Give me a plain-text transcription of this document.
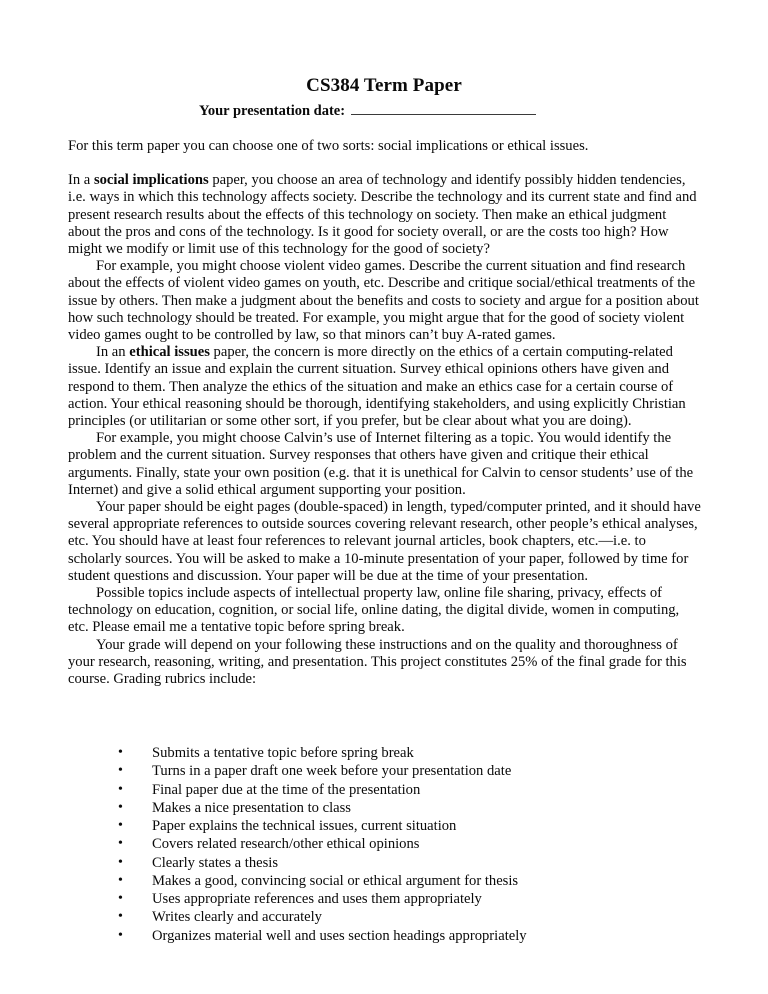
CS384 Term Paper
Your presentation date:

For this term paper you can choose one of two sorts: social implications or ethical issues.

In a social implications paper, you choose an area of technology and identify possibly hidden tendencies, i.e. ways in which this technology affects society. Describe the technology and its current state and find and present research results about the effects of this technology on society. Then make an ethical judgment about the pros and cons of the technology. Is it good for society overall, or are the costs too high? How might we modify or limit use of this technology for the good of society?

For example, you might choose violent video games. Describe the current situation and find research about the effects of violent video games on youth, etc. Describe and critique social/ethical treatments of the issue by others. Then make a judgment about the benefits and costs to society and argue for a position about how such technology should be treated. For example, you might argue that for the good of society violent video games ought to be controlled by law, so that minors can’t buy A-rated games.

In an ethical issues paper, the concern is more directly on the ethics of a certain computing-related issue. Identify an issue and explain the current situation. Survey ethical opinions others have given and respond to them. Then analyze the ethics of the situation and make an ethics case for a certain course of action. Your ethical reasoning should be thorough, identifying stakeholders, and using explicitly Christian principles (or utilitarian or some other sort, if you prefer, but be clear about what you are doing).

For example, you might choose Calvin’s use of Internet filtering as a topic. You would identify the problem and the current situation. Survey responses that others have given and critique their ethical arguments. Finally, state your own position (e.g. that it is unethical for Calvin to censor students’ use of the Internet) and give a solid ethical argument supporting your position.

Your paper should be eight pages (double-spaced) in length, typed/computer printed, and it should have several appropriate references to outside sources covering relevant research, other people’s ethical analyses, etc. You should have at least four references to relevant journal articles, book chapters, etc.—i.e. to scholarly sources. You will be asked to make a 10-minute presentation of your paper, followed by time for student questions and discussion. Your paper will be due at the time of your presentation.

Possible topics include aspects of intellectual property law, online file sharing, privacy, effects of technology on education, cognition, or social life, online dating, the digital divide, women in computing, etc. Please email me a tentative topic before spring break.

Your grade will depend on your following these instructions and on the quality and thoroughness of your research, reasoning, writing, and presentation. This project constitutes 25% of the final grade for this course. Grading rubrics include:

•	Submits a tentative topic before spring break
•	Turns in a paper draft one week before your presentation date
•	Final paper due at the time of the presentation
•	Makes a nice presentation to class
•	Paper explains the technical issues, current situation
•	Covers related research/other ethical opinions
•	Clearly states a thesis
•	Makes a good, convincing social or ethical argument for thesis
•	Uses appropriate references and uses them appropriately
•	Writes clearly and accurately
•	Organizes material well and uses section headings appropriately
